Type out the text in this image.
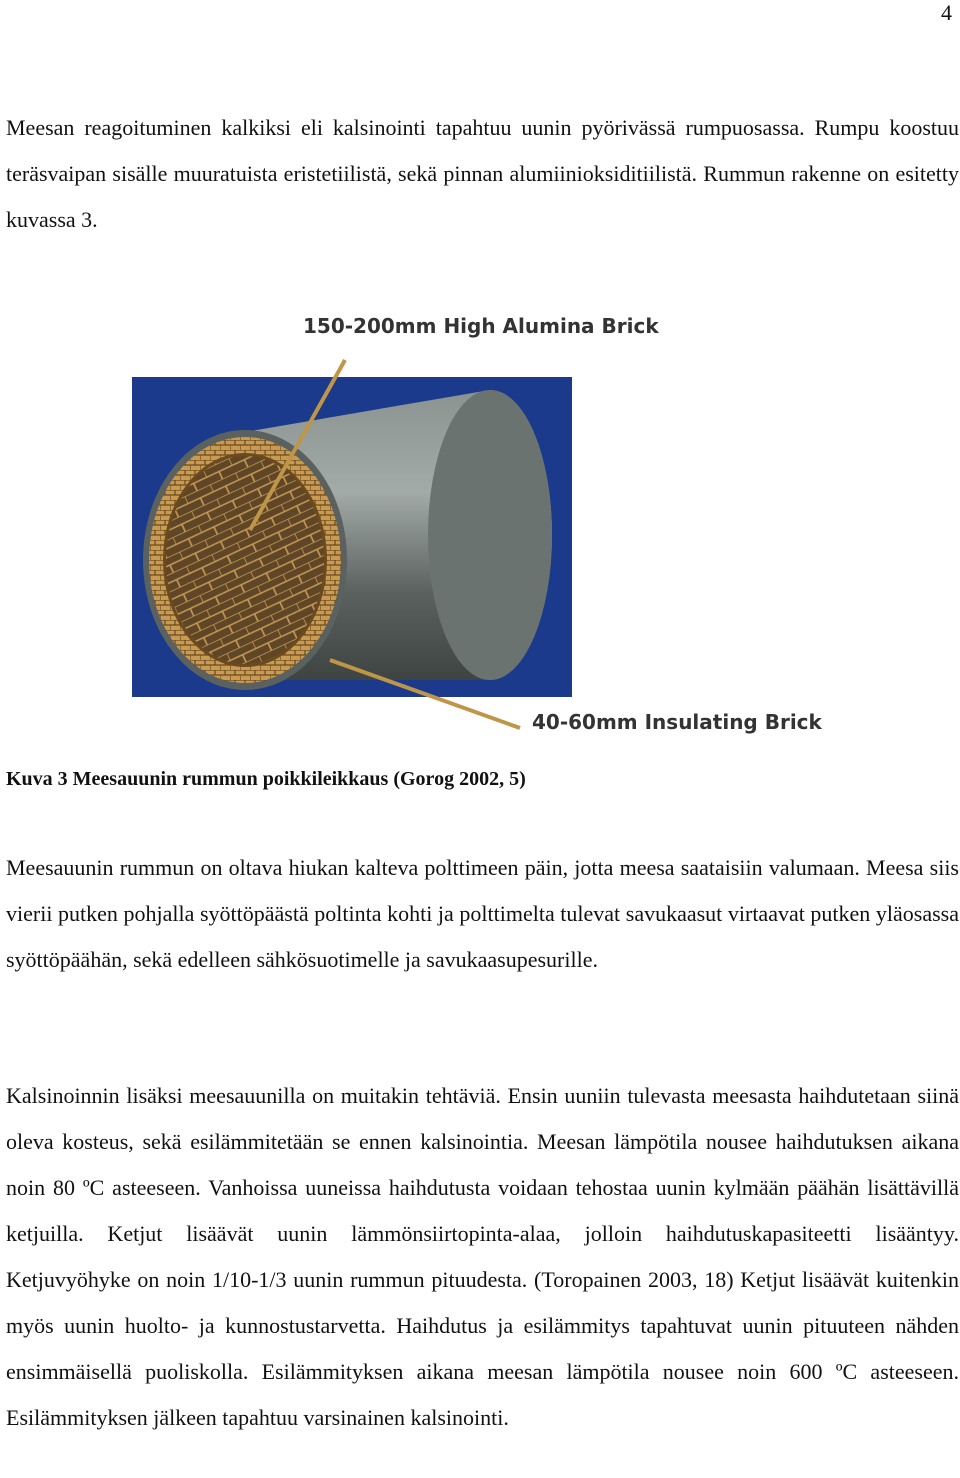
4

Meesan reagoituminen kalkiksi eli kalsinointi tapahtuu uunin pyörivässä rumpuosassa. Rumpu koostuu teräsvaipan sisälle muuratuista eristetiilistä, sekä pinnan alumiinioksiditiilistä. Rummun rakenne on esitetty kuvassa 3.

150-200mm High Alumina Brick
40-60mm Insulating Brick

Kuva 3 Meesauunin rummun poikkileikkaus (Gorog 2002, 5)

Meesauunin rummun on oltava hiukan kalteva polttimeen päin, jotta meesa saataisiin valumaan. Meesa siis vierii putken pohjalla syöttöpäästä poltinta kohti ja polttimelta tulevat savukaasut virtaavat putken yläosassa syöttöpäähän, sekä edelleen sähkösuotimelle ja savukaasupesurille.

Kalsinoinnin lisäksi meesauunilla on muitakin tehtäviä. Ensin uuniin tulevasta meesasta haihdutetaan siinä oleva kosteus, sekä esilämmitetään se ennen kalsinointia. Meesan lämpötila nousee haihdutuksen aikana noin 80 ºC asteeseen. Vanhoissa uuneissa haihdutusta voidaan tehostaa uunin kylmään päähän lisättävillä ketjuilla. Ketjut lisäävät uunin lämmönsiirtopinta-alaa, jolloin haihdutuskapasiteetti lisääntyy. Ketjuvyöhyke on noin 1/10-1/3 uunin rummun pituudesta. (Toropainen 2003, 18) Ketjut lisäävät kuitenkin myös uunin huolto- ja kunnostustarvetta. Haihdutus ja esilämmitys tapahtuvat uunin pituuteen nähden ensimmäisellä puoliskolla. Esilämmityksen aikana meesan lämpötila nousee noin 600 ºC asteeseen. Esilämmityksen jälkeen tapahtuu varsinainen kalsinointi.
